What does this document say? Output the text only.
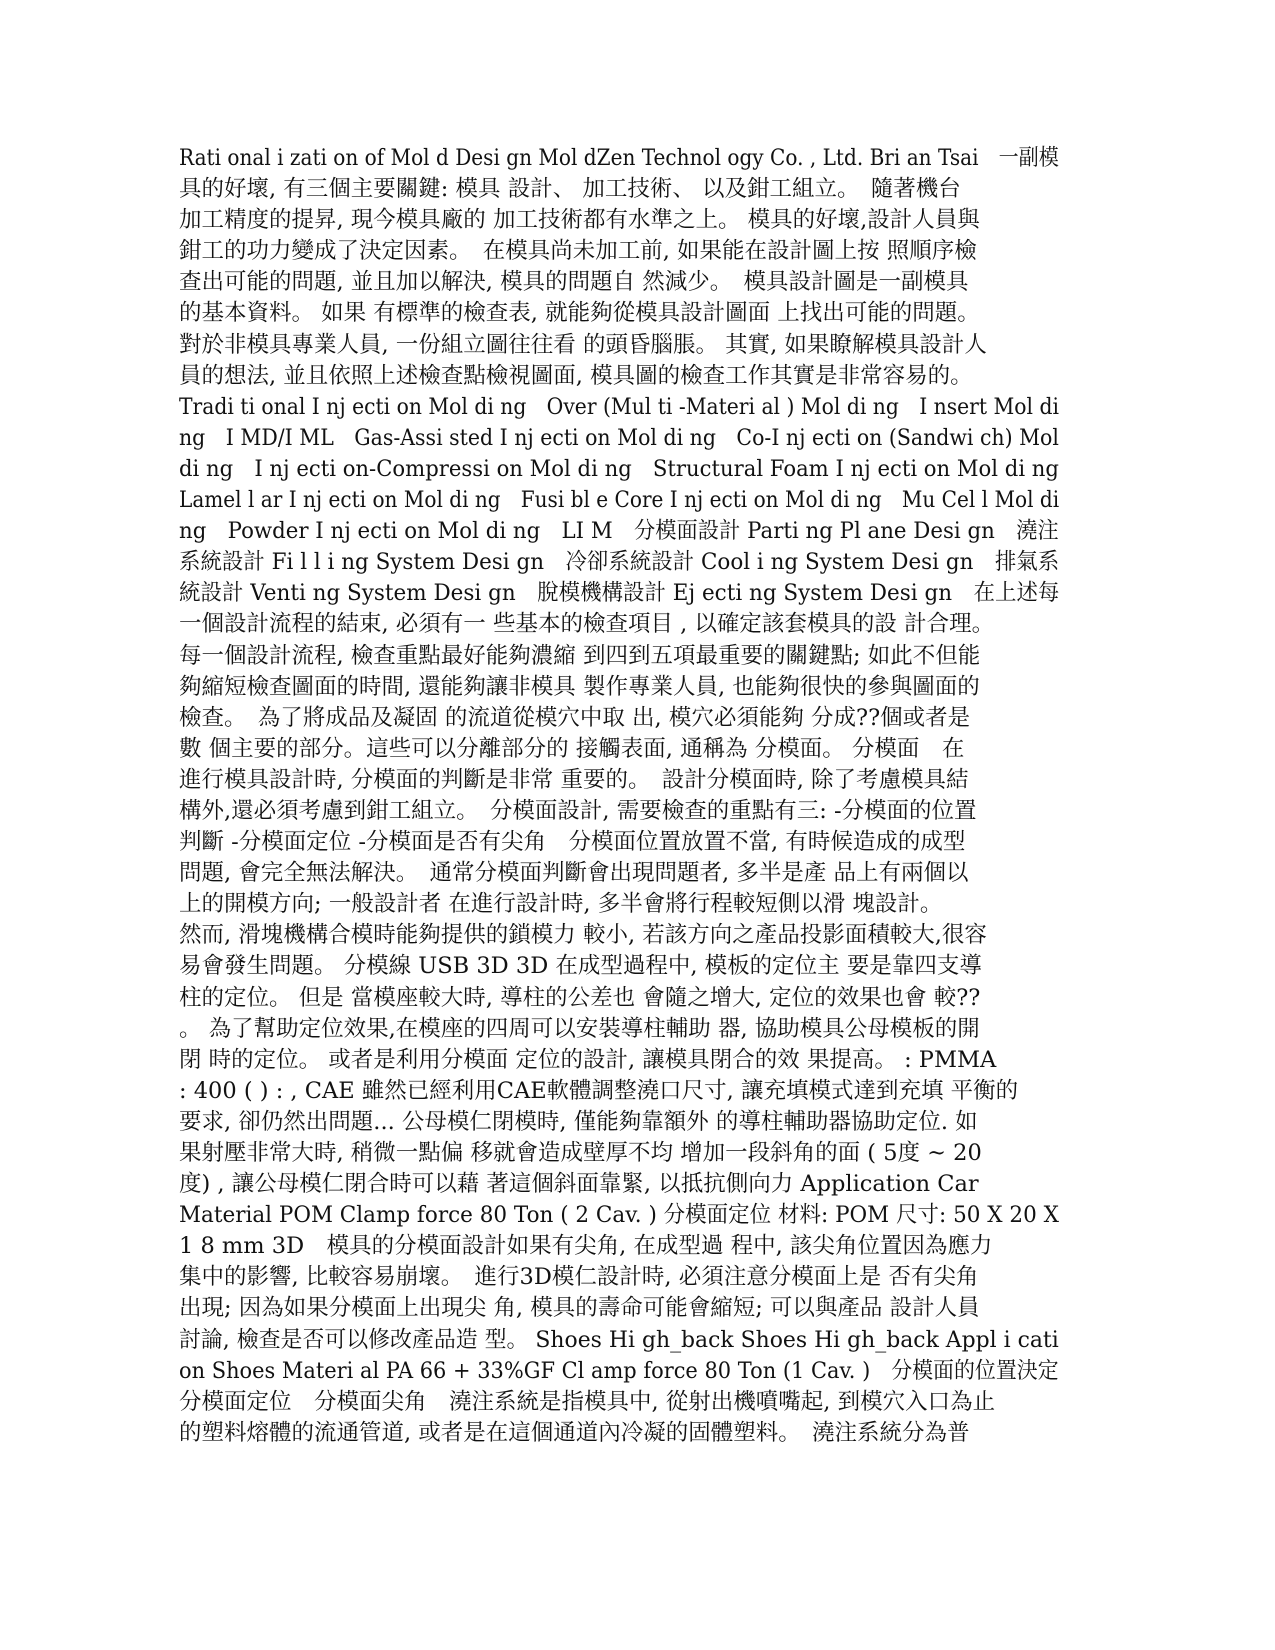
Rati onal i zati on of Mol d Desi gn Mol dZen Technol ogy Co. , Ltd. Bri an Tsai　一副模
具的好壞, 有三個主要關鍵: 模具 設計、 加工技術、 以及鉗工組立。　隨著機台
加工精度的提昇, 現今模具廠的 加工技術都有水準之上。 模具的好壞,設計人員與
鉗工的功力變成了決定因素。　在模具尚未加工前, 如果能在設計圖上按 照順序檢
查出可能的問題, 並且加以解決, 模具的問題自 然減少。　模具設計圖是一副模具
的基本資料。 如果 有標準的檢查表, 就能夠從模具設計圖面 上找出可能的問題。
對於非模具專業人員, 一份組立圖往往看 的頭昏腦脹。 其實, 如果瞭解模具設計人
員的想法, 並且依照上述檢查點檢視圖面, 模具圖的檢查工作其實是非常容易的。
Tradi ti onal I nj ecti on Mol di ng　Over (Mul ti -Materi al ) Mol di ng　I nsert Mol di
ng　I MD/I ML　Gas-Assi sted I nj ecti on Mol di ng　Co-I nj ecti on (Sandwi ch) Mol
di ng　I nj ecti on-Compressi on Mol di ng　Structural Foam I nj ecti on Mol di ng
Lamel l ar I nj ecti on Mol di ng　Fusi bl e Core I nj ecti on Mol di ng　Mu Cel l Mol di
ng　Powder I nj ecti on Mol di ng　LI M　分模面設計 Parti ng Pl ane Desi gn　澆注
系統設計 Fi l l i ng System Desi gn　冷卻系統設計 Cool i ng System Desi gn　排氣系
統設計 Venti ng System Desi gn　脫模機構設計 Ej ecti ng System Desi gn　在上述每
一個設計流程的結束, 必須有一 些基本的檢查項目 , 以確定該套模具的設 計合理。
每一個設計流程, 檢查重點最好能夠濃縮 到四到五項最重要的關鍵點; 如此不但能
夠縮短檢查圖面的時間, 還能夠讓非模具 製作專業人員, 也能夠很快的參與圖面的
檢查。　為了將成品及凝固 的流道從模穴中取 出, 模穴必須能夠 分成??個或者是
數 個主要的部分。這些可以分離部分的 接觸表面, 通稱為 分模面。 分模面　在
進行模具設計時, 分模面的判斷是非常 重要的。　設計分模面時, 除了考慮模具結
構外,還必須考慮到鉗工組立。　分模面設計, 需要檢查的重點有三: -分模面的位置
判斷 -分模面定位 -分模面是否有尖角　分模面位置放置不當, 有時候造成的成型
問題, 會完全無法解決。　通常分模面判斷會出現問題者, 多半是產 品上有兩個以
上的開模方向; 一般設計者 在進行設計時, 多半會將行程較短側以滑 塊設計。
然而, 滑塊機構合模時能夠提供的鎖模力 較小, 若該方向之產品投影面積較大,很容
易會發生問題。 分模線 USB 3D 3D 在成型過程中, 模板的定位主 要是靠四支導
柱的定位。 但是 當模座較大時, 導柱的公差也 會隨之增大, 定位的效果也會 較??
。 為了幫助定位效果,在模座的四周可以安裝導柱輔助 器, 協助模具公母模板的開
閉 時的定位。 或者是利用分模面 定位的設計, 讓模具閉合的效 果提高。 : PMMA
: 400 ( ) : , CAE 雖然已經利用CAE軟體調整澆口尺寸, 讓充填模式達到充填 平衡的
要求, 卻仍然出問題... 公母模仁閉模時, 僅能夠靠額外 的導柱輔助器協助定位. 如
果射壓非常大時, 稍微一點偏 移就會造成壁厚不均 增加一段斜角的面 ( 5度 ~ 20
度) , 讓公母模仁閉合時可以藉 著這個斜面靠緊, 以抵抗側向力 Application Car
Material POM Clamp force 80 Ton ( 2 Cav. ) 分模面定位 材料: POM 尺寸: 50 X 20 X
1 8 mm 3D　模具的分模面設計如果有尖角, 在成型過 程中, 該尖角位置因為應力
集中的影響, 比較容易崩壞。　進行3D模仁設計時, 必須注意分模面上是 否有尖角
出現; 因為如果分模面上出現尖 角, 模具的壽命可能會縮短; 可以與產品 設計人員
討論, 檢查是否可以修改產品造 型。 Shoes Hi gh_back Shoes Hi gh_back Appl i cati
on Shoes Materi al PA 66 + 33%GF Cl amp force 80 Ton (1 Cav. )　分模面的位置決定
分模面定位　分模面尖角　澆注系統是指模具中, 從射出機噴嘴起, 到模穴入口為止
的塑料熔體的流通管道, 或者是在這個通道內冷凝的固體塑料。　澆注系統分為普
